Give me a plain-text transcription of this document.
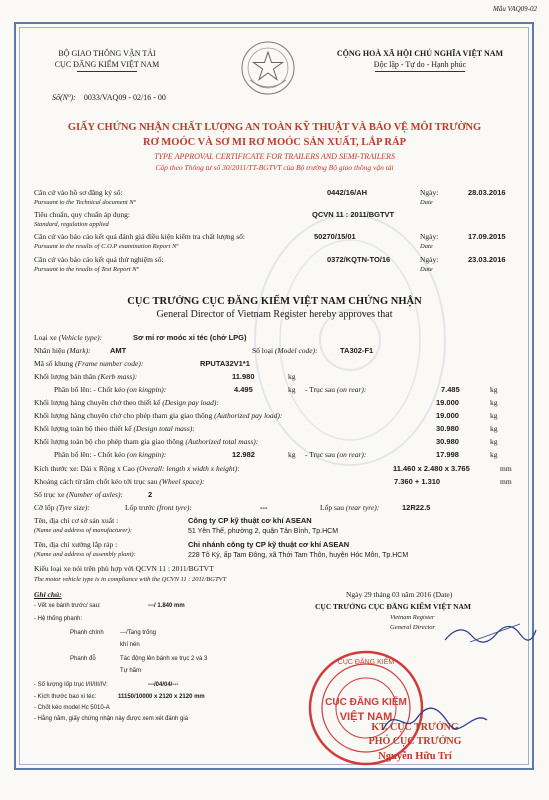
Mẫu VAQ09-02
BỘ GIAO THÔNG VẬN TẢI
CỤC ĐĂNG KIỂM VIỆT NAM
CỘNG HOÀ XÃ HỘI CHỦ NGHĨA VIỆT NAM
Độc lập - Tự do - Hạnh phúc
Số(Nº): 0033/VAQ09 - 02/16 - 00
GIẤY CHỨNG NHẬN CHẤT LƯỢNG AN TOÀN KỸ THUẬT VÀ BẢO VỆ MÔI TRƯỜNG
RƠ MOÓC VÀ SƠ MI RƠ MOÓC SẢN XUẤT, LẮP RÁP
TYPE APPROVAL CERTIFICATE FOR TRAILERS AND SEMI-TRAILERS
Cấp theo Thông tư số 30/2011/TT-BGTVT của Bộ trưởng Bộ giao thông vận tải
Căn cứ vào hồ sơ đăng ký số:
Pursuant to the Technical document Nº
0442/16/AH	Ngày:
Date
28.03.2016
Tiêu chuẩn, quy chuẩn áp dụng:
Standard, regulation applied
QCVN 11 : 2011/BGTVT
Căn cứ vào báo cáo kết quả đánh giá điều kiện kiểm tra chất lượng số:
Pursuant to the results of C.O.P examination Report Nº
50270/15/01	Ngày:
Date
17.09.2015
Căn cứ vào báo cáo kết quả thử nghiệm số:
Pursuant to the results of Test Report Nº
0372/KQTN-TO/16	Ngày:
Date
23.03.2016
CỤC TRƯỞNG CỤC ĐĂNG KIỂM VIỆT NAM CHỨNG NHẬN
General Director of Vietnam Register hereby approves that
Loại xe (Vehicle type):	Sơ mi rơ moóc xi téc (chở LPG)
Nhãn hiệu (Mark):	AMT	Số loại (Model code):	TA302-F1
Mã số khung (Frame number code):	RPUTA32V1*1
Khối lượng bản thân (Kerb mass):	11.980	kg
Phân bố lên: - Chốt kéo (on kingpin):	4.495	kg - Trục sau (on rear):	7.485	kg
Khối lượng hàng chuyên chở theo thiết kế (Design pay load):	19.000	kg
Khối lượng hàng chuyên chở cho phép tham gia giao thông (Authorized pay load):	19.000	kg
Khối lượng toàn bộ theo thiết kế (Design total mass):	30.980	kg
Khối lượng toàn bộ cho phép tham gia giao thông (Authorized total mass):	30.980	kg
Phân bố lên: - Chốt kéo (on kingpin):	12.982	kg - Trục sau (on rear):	17.998	kg
Kích thước xe: Dài x Rộng x Cao (Overall: length x width x height):	11.460 x 2.480 x 3.765	mm
Khoảng cách từ tâm chốt kéo tới trục sau (Wheel space):	7.360 + 1.310	mm
Số trục xe (Number of axles):	2
Cỡ lốp (Tyre size):	Lốp trước (front tyre):	---	Lốp sau (rear tyre):	12R22.5
Tên, địa chỉ cơ sở sản xuất :
(Name and address of manufacturer):
Công ty CP kỹ thuật cơ khí ASEAN
51 Yên Thế, phường 2, quận Tân Bình, Tp.HCM
Tên, địa chỉ xưởng lắp ráp :
(Name and address of assembly plant):
Chi nhánh công ty CP kỹ thuật cơ khí ASEAN
228 Tô Ký, ấp Tam Đông, xã Thới Tam Thôn, huyện Hóc Môn, Tp.HCM
Kiểu loại xe nói trên phù hợp với QCVN 11 : 2011/BGTVT
The motor vehicle type is in compliance with the QCVN 11 : 2011/BGTVT
Ghi chú:
- Vết xe bánh trước/ sau:	---/ 1.840 mm
- Hệ thống phanh:
Phanh chính	---/Tang trống
khí nén
Phanh đỗ	Tác động lên bánh xe trục 2 và 3
Tự hãm
- Số lượng lốp trục I/II/III/IV:	---/04/04/---
- Kích thước bao xi téc:	11150/10000 x 2120 x 2120 mm
- Chốt kéo model Hc 5010-A
- Hằng năm, giấy chứng nhận này được xem xét đánh giá
Ngày 29 tháng 03 năm 2016 (Date)
CỤC TRƯỞNG CỤC ĐĂNG KIỂM VIỆT NAM
Vietnam Register
General Director
CỤC ĐĂNG KIỂM
VIỆT NAM
CỤC ĐĂNG KIỂM
KT. CỤC TRƯỞNG
PHÓ CỤC TRƯỞNG
Nguyễn Hữu Trí
